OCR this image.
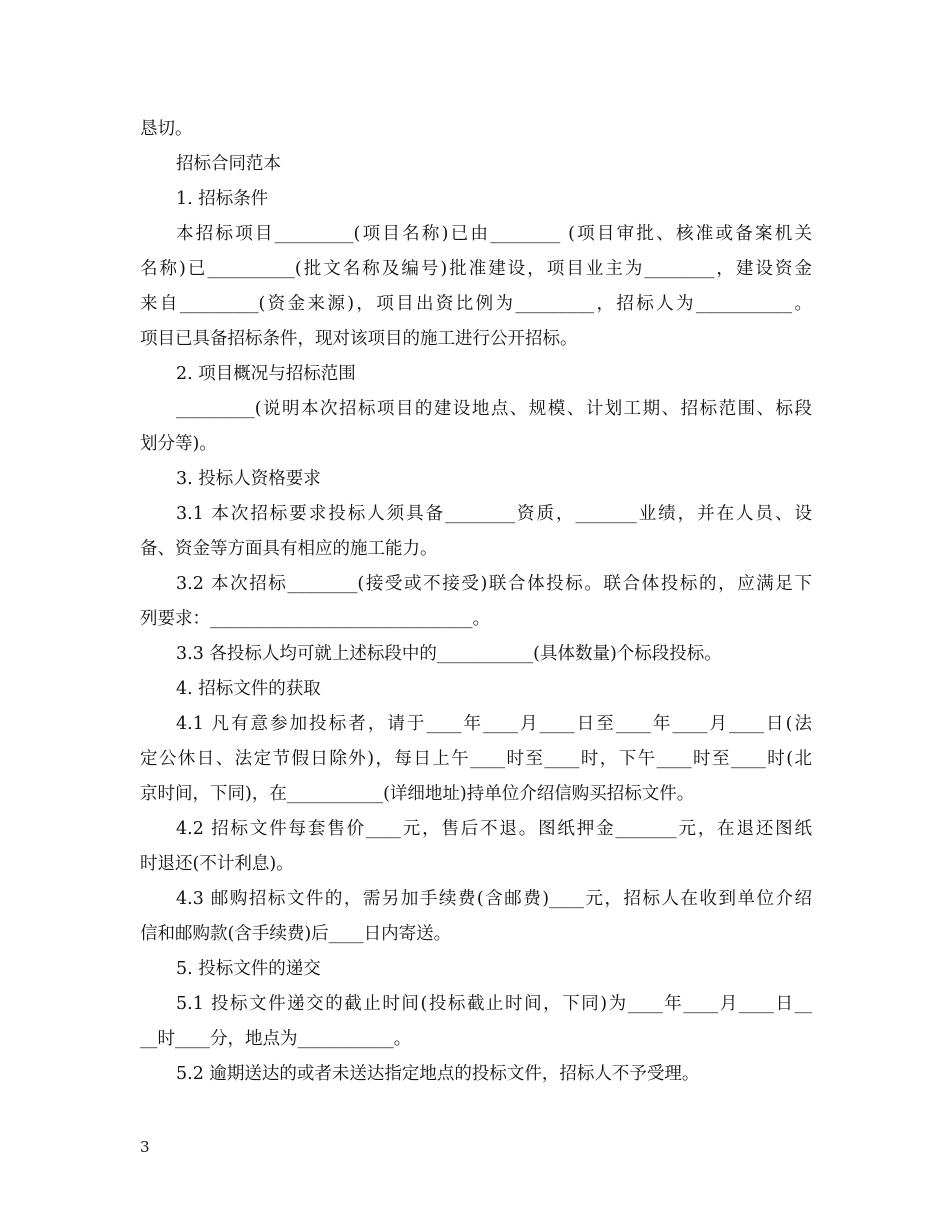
恳切。
招标合同范本
1. 招标条件
本招标项目_________(项目名称)已由________ (项目审批、核准或备案机关
名称)已__________(批文名称及编号)批准建设，项目业主为________，建设资金
来自_________(资金来源)，项目出资比例为_________，招标人为___________。
项目已具备招标条件，现对该项目的施工进行公开招标。
2. 项目概况与招标范围
_________(说明本次招标项目的建设地点、规模、计划工期、招标范围、标段
划分等)。
3. 投标人资格要求
3.1 本次招标要求投标人须具备________资质，_______业绩，并在人员、设
备、资金等方面具有相应的施工能力。
3.2 本次招标________(接受或不接受)联合体投标。联合体投标的，应满足下
列要求：______________________________。
3.3 各投标人均可就上述标段中的___________(具体数量)个标段投标。
4. 招标文件的获取
4.1 凡有意参加投标者，请于____年____月____日至____年____月____日(法
定公休日、法定节假日除外)，每日上午____时至____时，下午____时至____时(北
京时间，下同)，在___________(详细地址)持单位介绍信购买招标文件。
4.2 招标文件每套售价____元，售后不退。图纸押金_______元，在退还图纸
时退还(不计利息)。
4.3 邮购招标文件的，需另加手续费(含邮费)____元，招标人在收到单位介绍
信和邮购款(含手续费)后____日内寄送。
5. 投标文件的递交
5.1 投标文件递交的截止时间(投标截止时间，下同)为____年____月____日__
__时____分，地点为___________。
5.2 逾期送达的或者未送达指定地点的投标文件，招标人不予受理。
3
